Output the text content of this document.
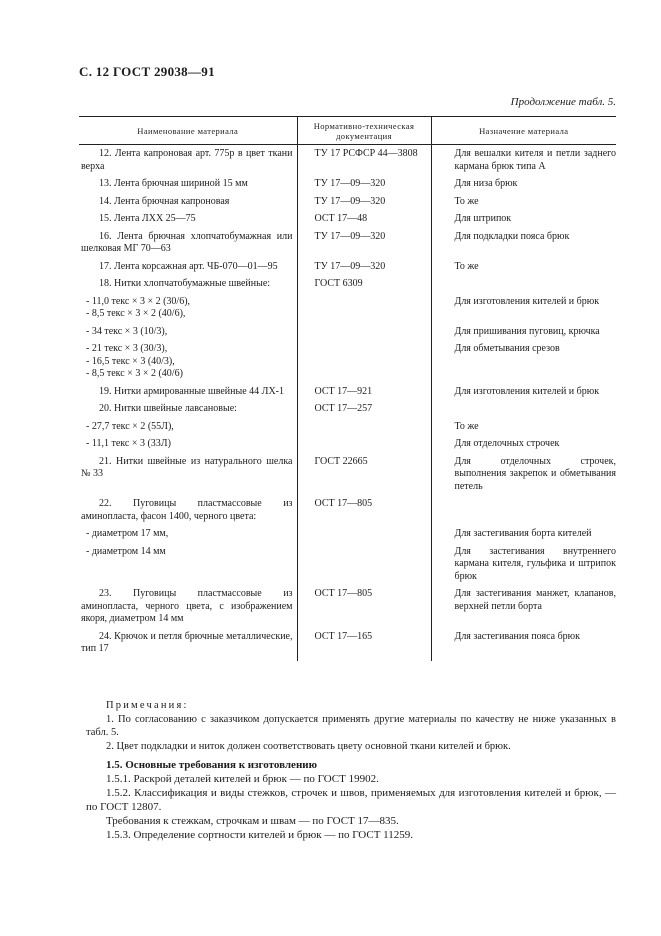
С. 12 ГОСТ 29038—91
Продолжение табл. 5.
Наименование материала	Нормативно-техническая документация	Назначение материала

12. Лента капроновая арт. 775р в цвет ткани верха	ТУ 17 РСФСР 44—3808	Для вешалки кителя и петли заднего кармана брюк типа А

13. Лента брючная шириной 15 мм	ТУ 17—09—320	Для низа брюк

14. Лента брючная капроновая	ТУ 17—09—320	То же

15. Лента ЛХХ 25—75	ОСТ 17—48	Для штрипок

16. Лента брючная хлопчатобумажная или шелковая МГ 70—63	ТУ 17—09—320	Для подкладки пояса брюк

17. Лента корсажная арт. ЧБ-070—01—95	ТУ 17—09—320	То же

18. Нитки хлопчатобумажные швейные:	ГОСТ 6309	

- 11,0 текс × 3 × 2 (30/6),
- 8,5 текс × 3 × 2 (40/6),		Для изготовления кителей и брюк

- 34 текс × 3 (10/3),		Для пришивания пуговиц, крючка

- 21 текс × 3 (30/3),
- 16,5 текс × 3 (40/3),
- 8,5 текс × 3 × 2 (40/6)		Для обметывания срезов

19. Нитки армированные швейные 44 ЛХ-1	ОСТ 17—921	Для изготовления кителей и брюк

20. Нитки швейные лавсановые:	ОСТ 17—257	

- 27,7 текс × 2 (55Л),		То же

- 11,1 текс × 3 (33Л)		Для отделочных строчек

21. Нитки швейные из натурального шелка № 33	ГОСТ 22665	Для отделочных строчек, выполнения закрепок и обметывания петель

22. Пуговицы пластмассовые из аминопласта, фасон 1400, черного цвета:	ОСТ 17—805	

- диаметром 17 мм,		Для застегивания борта кителей

- диаметром 14 мм		Для застегивания внутреннего кармана кителя, гульфика и штрипок брюк

23. Пуговицы пластмассовые из аминопласта, черного цвета, с изображением якоря, диаметром 14 мм	ОСТ 17—805	Для застегивания манжет, клапанов, верхней петли борта

24. Крючок и петля брючные металлические, тип 17	ОСТ 17—165	Для застегивания пояса брюк
Примечания:
1. По согласованию с заказчиком допускается применять другие материалы по качеству не ниже указанных в табл. 5.
2. Цвет подкладки и ниток должен соответствовать цвету основной ткани кителей и брюк.
1.5. Основные требования к изготовлению
1.5.1. Раскрой деталей кителей и брюк — по ГОСТ 19902.
1.5.2. Классификация и виды стежков, строчек и швов, применяемых для изготовления кителей и брюк, — по ГОСТ 12807.
Требования к стежкам, строчкам и швам — по ГОСТ 17—835.
1.5.3. Определение сортности кителей и брюк — по ГОСТ 11259.
